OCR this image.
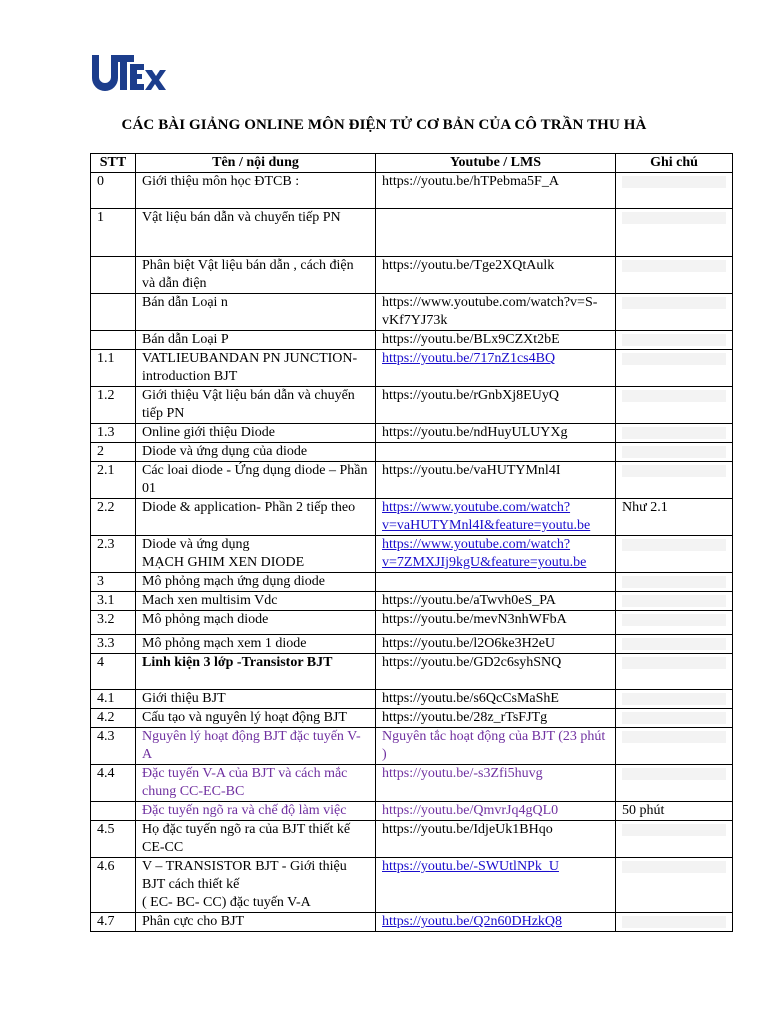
CÁC BÀI GIẢNG ONLINE MÔN ĐIỆN TỬ CƠ BẢN CỦA CÔ TRẦN THU HÀ
STT	Tên / nội dung	Youtube / LMS	Ghi chú
0	Giới thiệu môn học ĐTCB :	https://youtu.be/hTPebma5F_A	

1	Vật liệu bán dẫn và chuyển tiếp PN		

	Phân biệt Vật liệu bán dẫn , cách điện và dẫn điện	https://youtu.be/Tge2XQtAulk	

	Bán dẫn Loại n	https://www.youtube.com/watch?v=S-vKf7YJ73k	

	Bán dẫn Loại P	https://youtu.be/BLx9CZXt2bE	

1.1	VATLIEUBANDAN PN JUNCTION- introduction BJT	https://youtu.be/717nZ1cs4BQ	

1.2	Giới thiệu Vật liệu bán dẫn và chuyển tiếp PN	https://youtu.be/rGnbXj8EUyQ	

1.3	Online giới thiệu Diode	https://youtu.be/ndHuyULUYXg	

2	Diode và ứng dụng của diode		

2.1	Các loai diode - Ứng dụng diode – Phần 01	https://youtu.be/vaHUTYMnl4I	

2.2	Diode & application- Phần 2 tiếp theo	https://www.youtube.com/watch?v=vaHUTYMnl4I&feature=youtu.be	Như 2.1
2.3	Diode và ứng dụng
MẠCH GHIM XEN DIODE	https://www.youtube.com/watch?v=7ZMXJIj9kgU&feature=youtu.be	

3	Mô phỏng mạch ứng dụng diode		

3.1	Mach xen multisim Vdc	https://youtu.be/aTwvh0eS_PA	

3.2	Mô phỏng mạch diode	https://youtu.be/mevN3nhWFbA	

3.3	Mô phỏng mạch xem 1 diode	https://youtu.be/l2O6ke3H2eU	

4	Linh kiện 3 lớp -Transistor BJT	https://youtu.be/GD2c6syhSNQ	

4.1	Giới thiệu BJT	https://youtu.be/s6QcCsMaShE	

4.2	Cấu tạo và nguyên lý hoạt động BJT	https://youtu.be/28z_rTsFJTg	

4.3	Nguyên lý hoạt động BJT đặc tuyến V-A	Nguyên tắc hoạt động của BJT (23 phút )	

4.4	Đặc tuyến V-A của BJT và cách mắc chung CC-EC-BC	https://youtu.be/-s3Zfi5huvg	

	Đặc tuyến ngõ ra và chế độ làm việc	https://youtu.be/QmvrJq4gQL0	50 phút
4.5	Họ đặc tuyến ngõ ra của BJT thiết kế CE-CC	https://youtu.be/IdjeUk1BHqo	

4.6	V – TRANSISTOR BJT - Giới thiệu BJT cách thiết kế
( EC- BC- CC) đặc tuyến V-A	https://youtu.be/-SWUtlNPk_U	

4.7	Phân cực cho BJT	https://youtu.be/Q2n60DHzkQ8	
